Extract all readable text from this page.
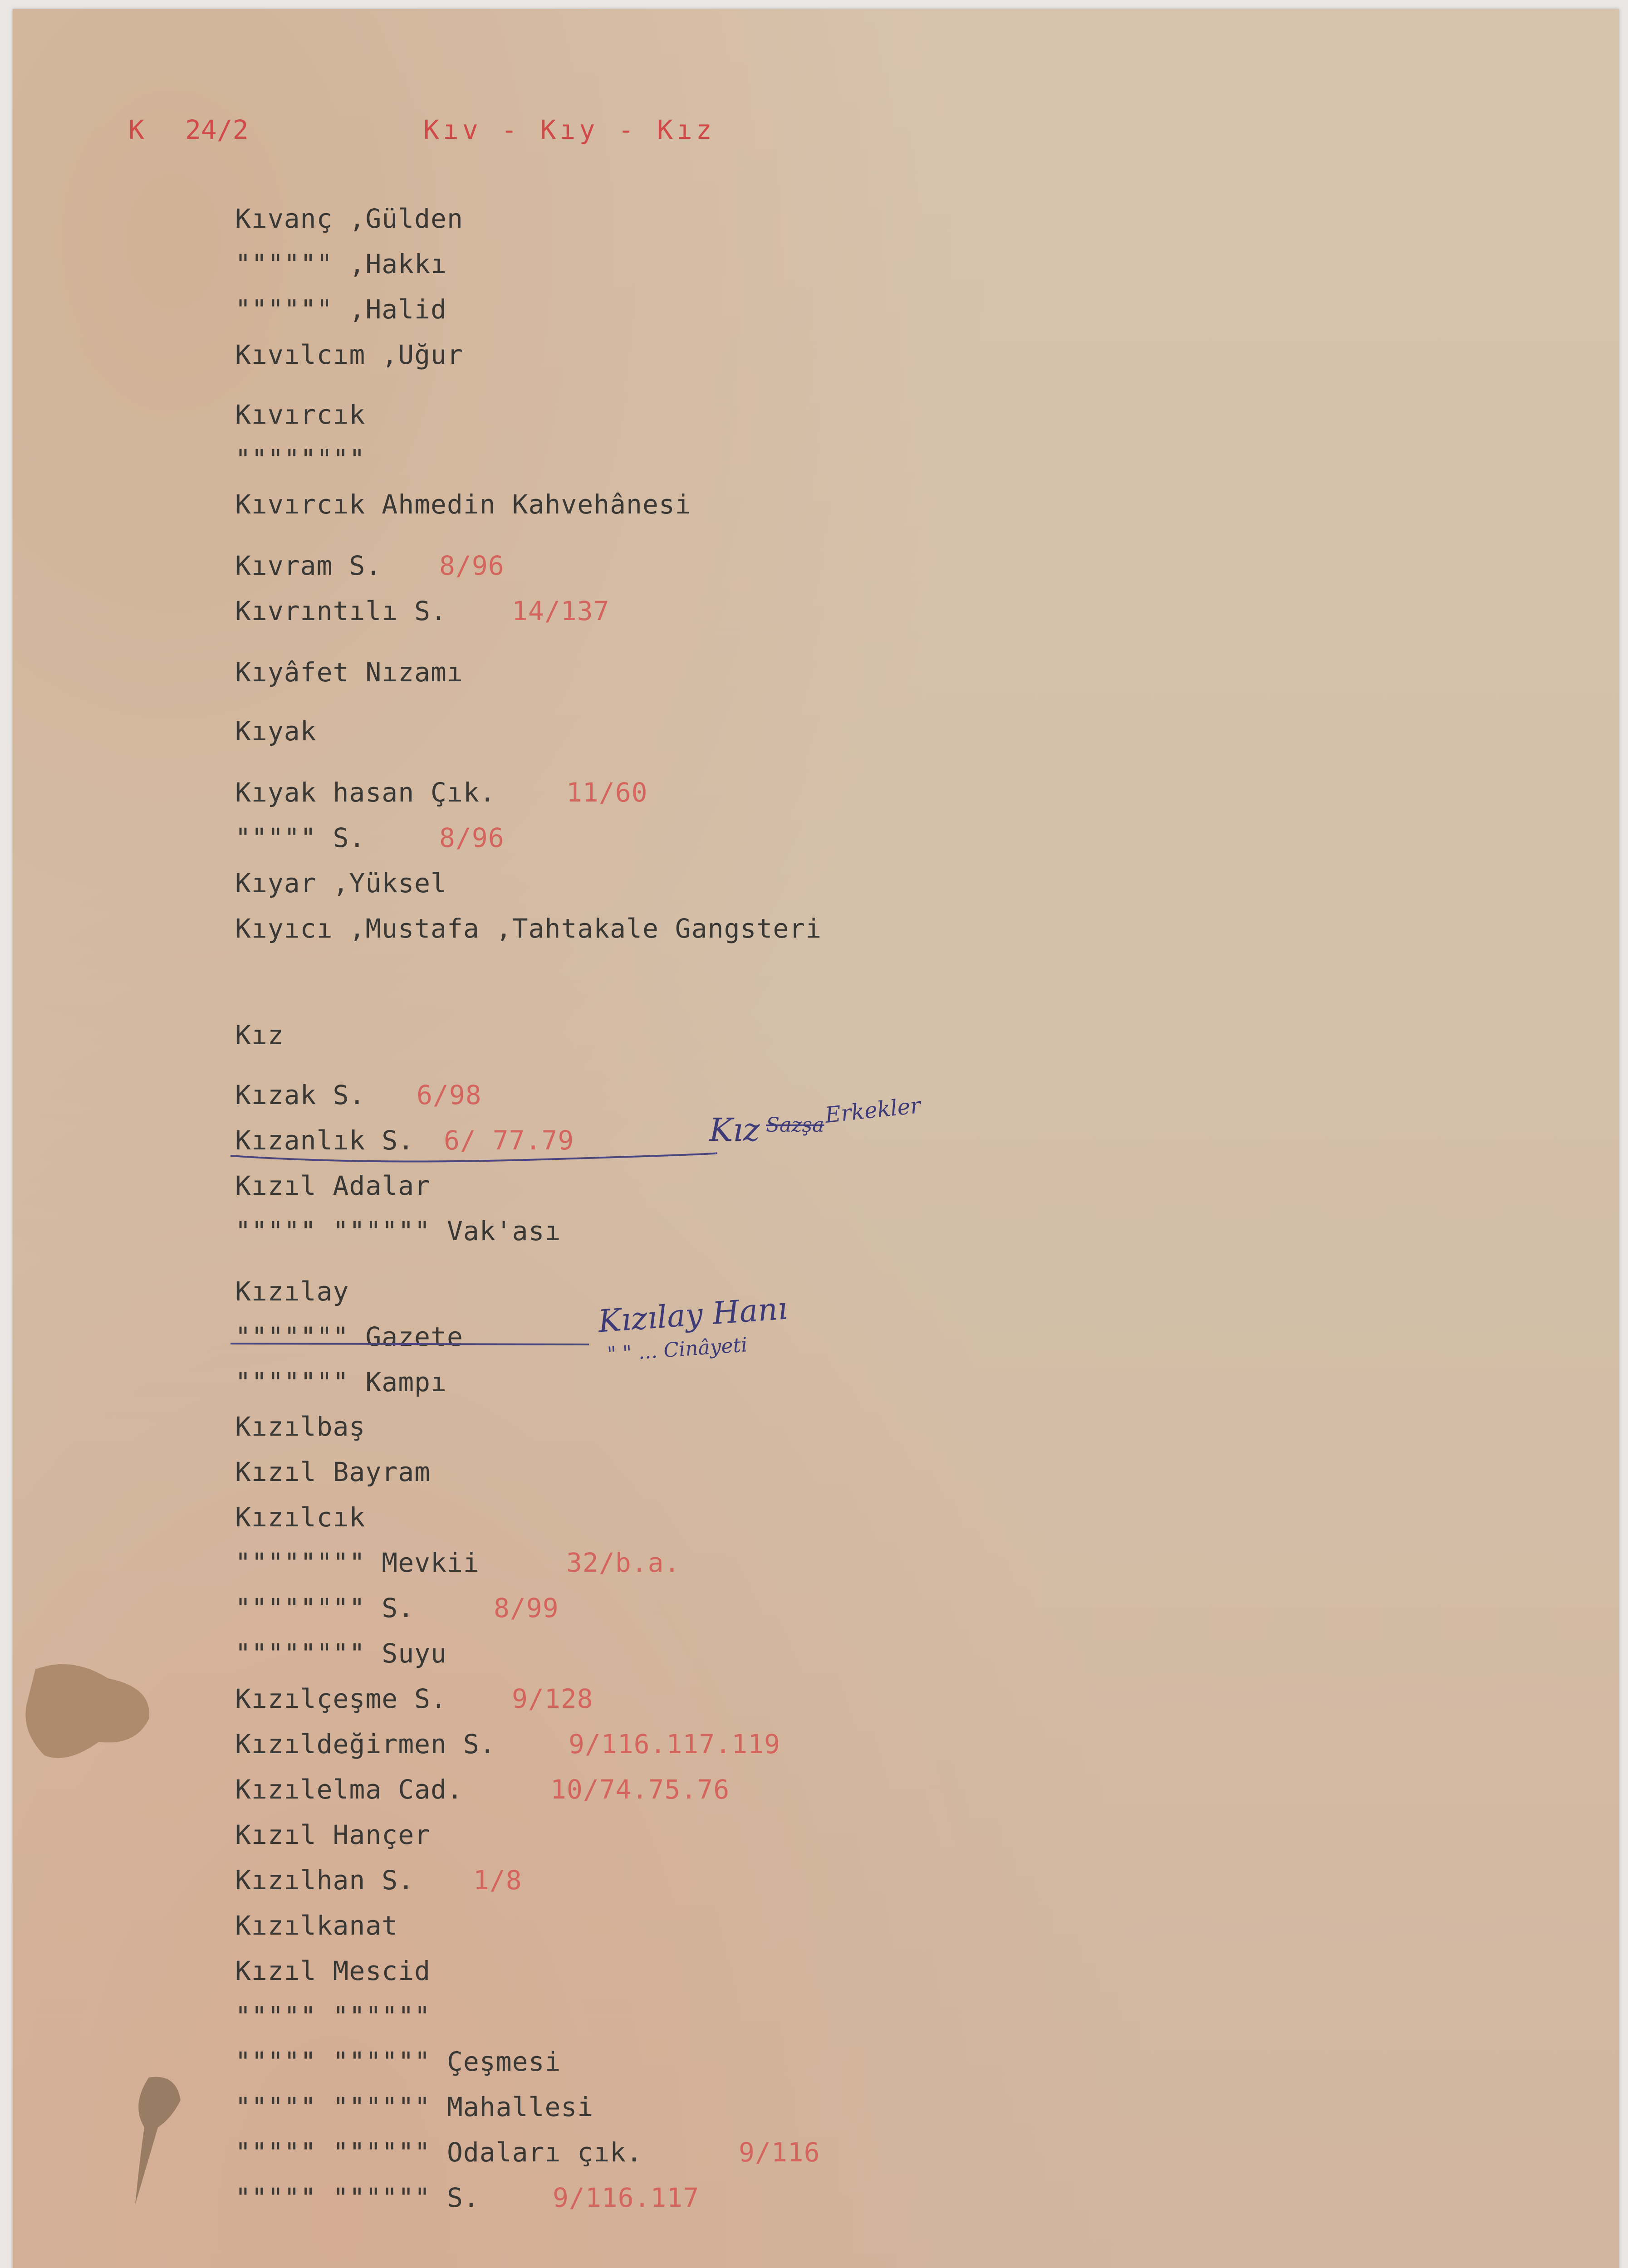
K 24/2	Kıv - Kıy - Kız
Kıvanç ,Gülden
"""""" ,Hakkı
"""""" ,Halid
Kıvılcım ,Uğur
Kıvırcık
""""""""
Kıvırcık Ahmedin Kahvehânesi
Kıvram S. 8/96
Kıvrıntılı S. 14/137
Kıyâfet Nızamı
Kıyak
Kıyak hasan Çık.	11/60
""""" S.	8/96
Kıyar ,Yüksel
Kıyıcı ,Mustafa ,Tahtakale Gangsteri
Kız
Kızak S. 6/98
Kızanlık S. 6/ 77.79
Kızıl Adalar
""""" """""" Vak'ası
Kızılay
""""""" Gazete
""""""" Kampı
Kızılbaş
Kızıl Bayram
Kızılcık
"""""""" Mevkii	32/b.a.
"""""""" S.	8/99
"""""""" Suyu
Kızılçeşme S. 9/128
Kızıldeğirmen S.	9/116.117.119
Kızılelma Cad.	10/74.75.76
Kızıl Hançer
Kızılhan S. 1/8
Kızılkanat
Kızıl Mescid
""""" """"""
""""" """""" Çeşmesi
""""" """""" Mahallesi
""""" """""" Odaları çık.	9/116
""""" """""" S.	9/116.117
Kız Sazşa Erkekler
Kızılay Hanı
" " ... Cinâyeti
